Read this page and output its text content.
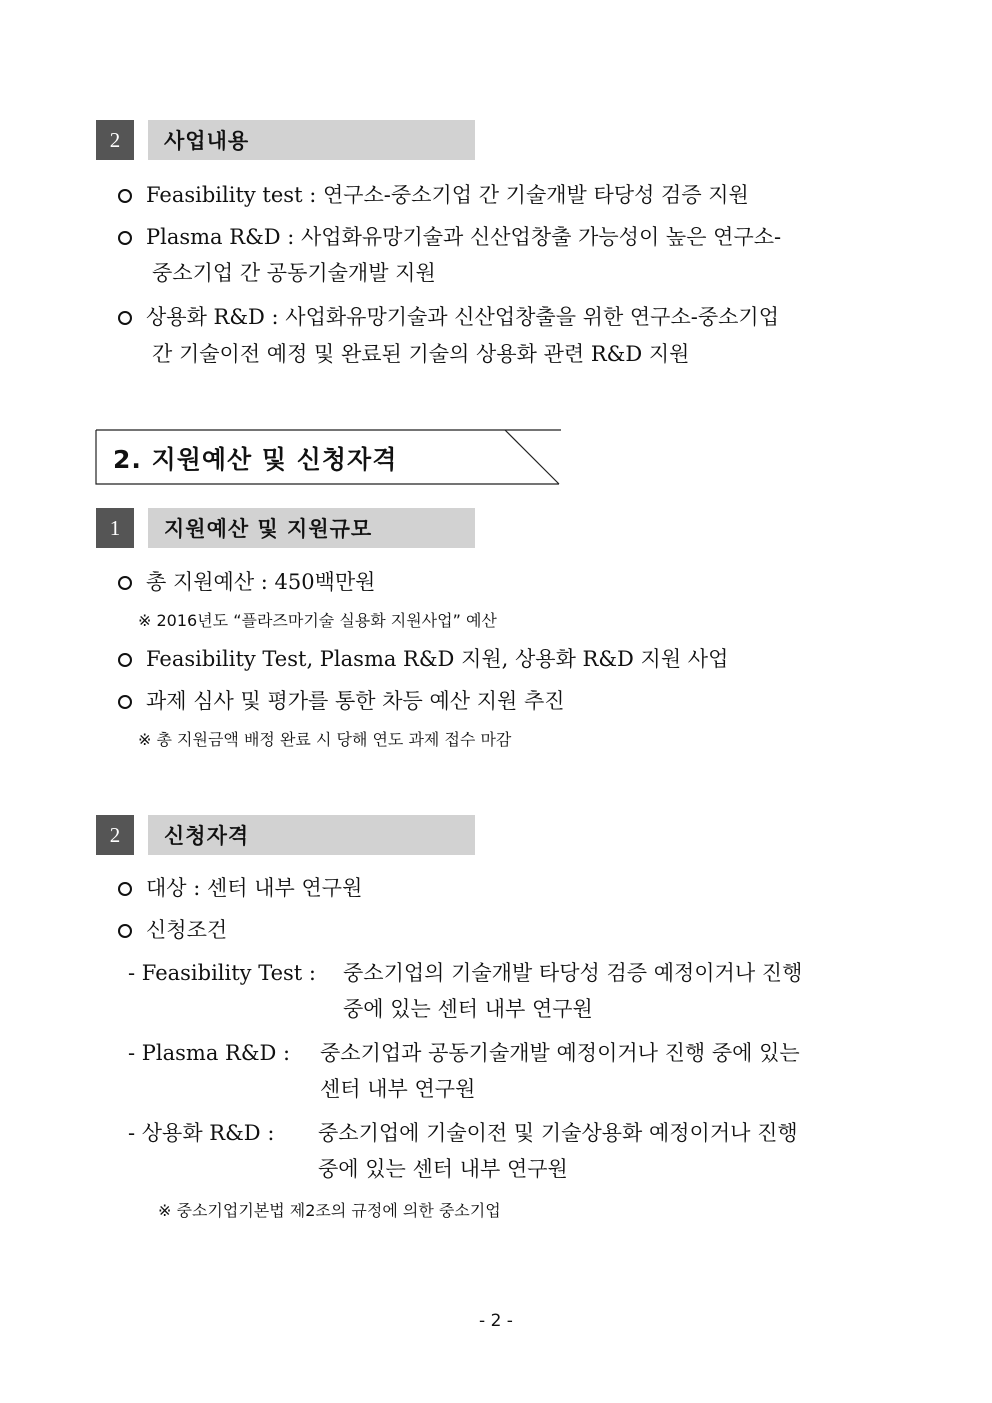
2	사업내용
Feasibility test : 연구소-중소기업 간 기술개발 타당성 검증 지원
Plasma R&D : 사업화유망기술과 신산업창출 가능성이 높은 연구소-
중소기업 간 공동기술개발 지원
상용화 R&D : 사업화유망기술과 신산업창출을 위한 연구소-중소기업
간 기술이전 예정 및 완료된 기술의 상용화 관련 R&D 지원
2. 지원예산 및 신청자격
1	지원예산 및 지원규모
총 지원예산 : 450백만원
※ 2016년도 “플라즈마기술 실용화 지원사업” 예산
Feasibility Test, Plasma R&D 지원, 상용화 R&D 지원 사업
과제 심사 및 평가를 통한 차등 예산 지원 추진
※ 총 지원금액 배정 완료 시 당해 연도 과제 접수 마감
2	신청자격
대상 : 센터 내부 연구원
신청조건
- Feasibility Test : 중소기업의 기술개발 타당성 검증 예정이거나 진행
중에 있는 센터 내부 연구원
- Plasma R&D : 중소기업과 공동기술개발 예정이거나 진행 중에 있는
센터 내부 연구원
- 상용화 R&D : 중소기업에 기술이전 및 기술상용화 예정이거나 진행
중에 있는 센터 내부 연구원
※ 중소기업기본법 제2조의 규정에 의한 중소기업
- 2 -
